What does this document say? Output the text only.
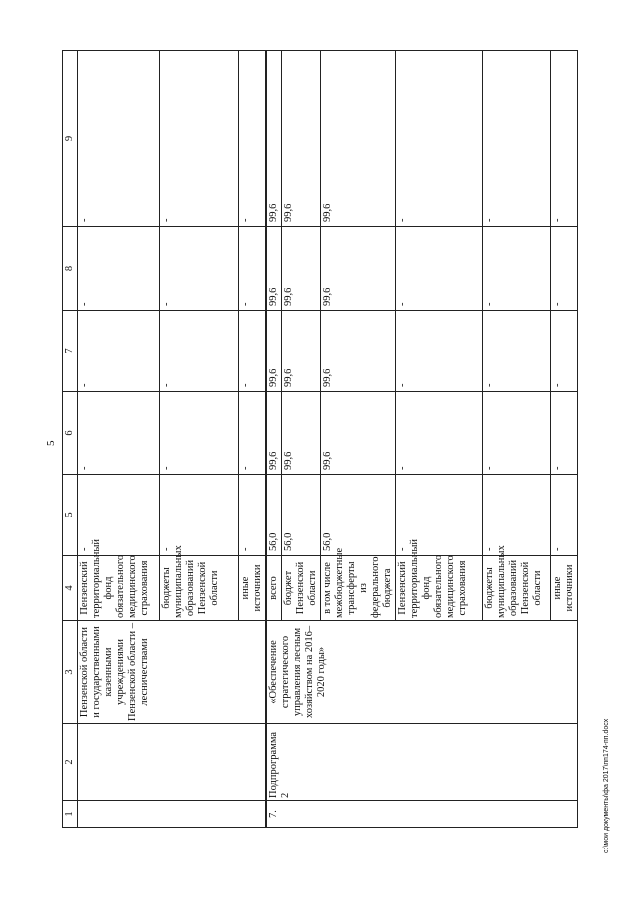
5
1	2	3	4	5	6	7	8	9
		Пензенской области и государственными казенными учреждениями Пензенской области – лесничествами	Пензенский территориальный фонд обязательного медицинского страхования	-	-	-	-	-
			бюджеты муниципальных образований Пензенской области	-	-	-	-	-
			иные источники	-	-	-	-	-
7.	Подпрограмма 2	«Обеспечение стратегического управления лесным хозяйством на 2016–2020 годы»	всего	56,0	99,6	99,6	99,6	99,6
			бюджет Пензенской области	56,0	99,6	99,6	99,6	99,6
			в том числе межбюджетные трансферты из федерального бюджета	56,0	99,6	99,6	99,6	99,6
			Пензенский территориальный фонд обязательного медицинского страхования	-	-	-	-	-
			бюджеты муниципальных образований Пензенской области	-	-	-	-	-
			иные источники	-	-	-	-	-
c:\мои документы\фа 2017\пп174-пп.docx
